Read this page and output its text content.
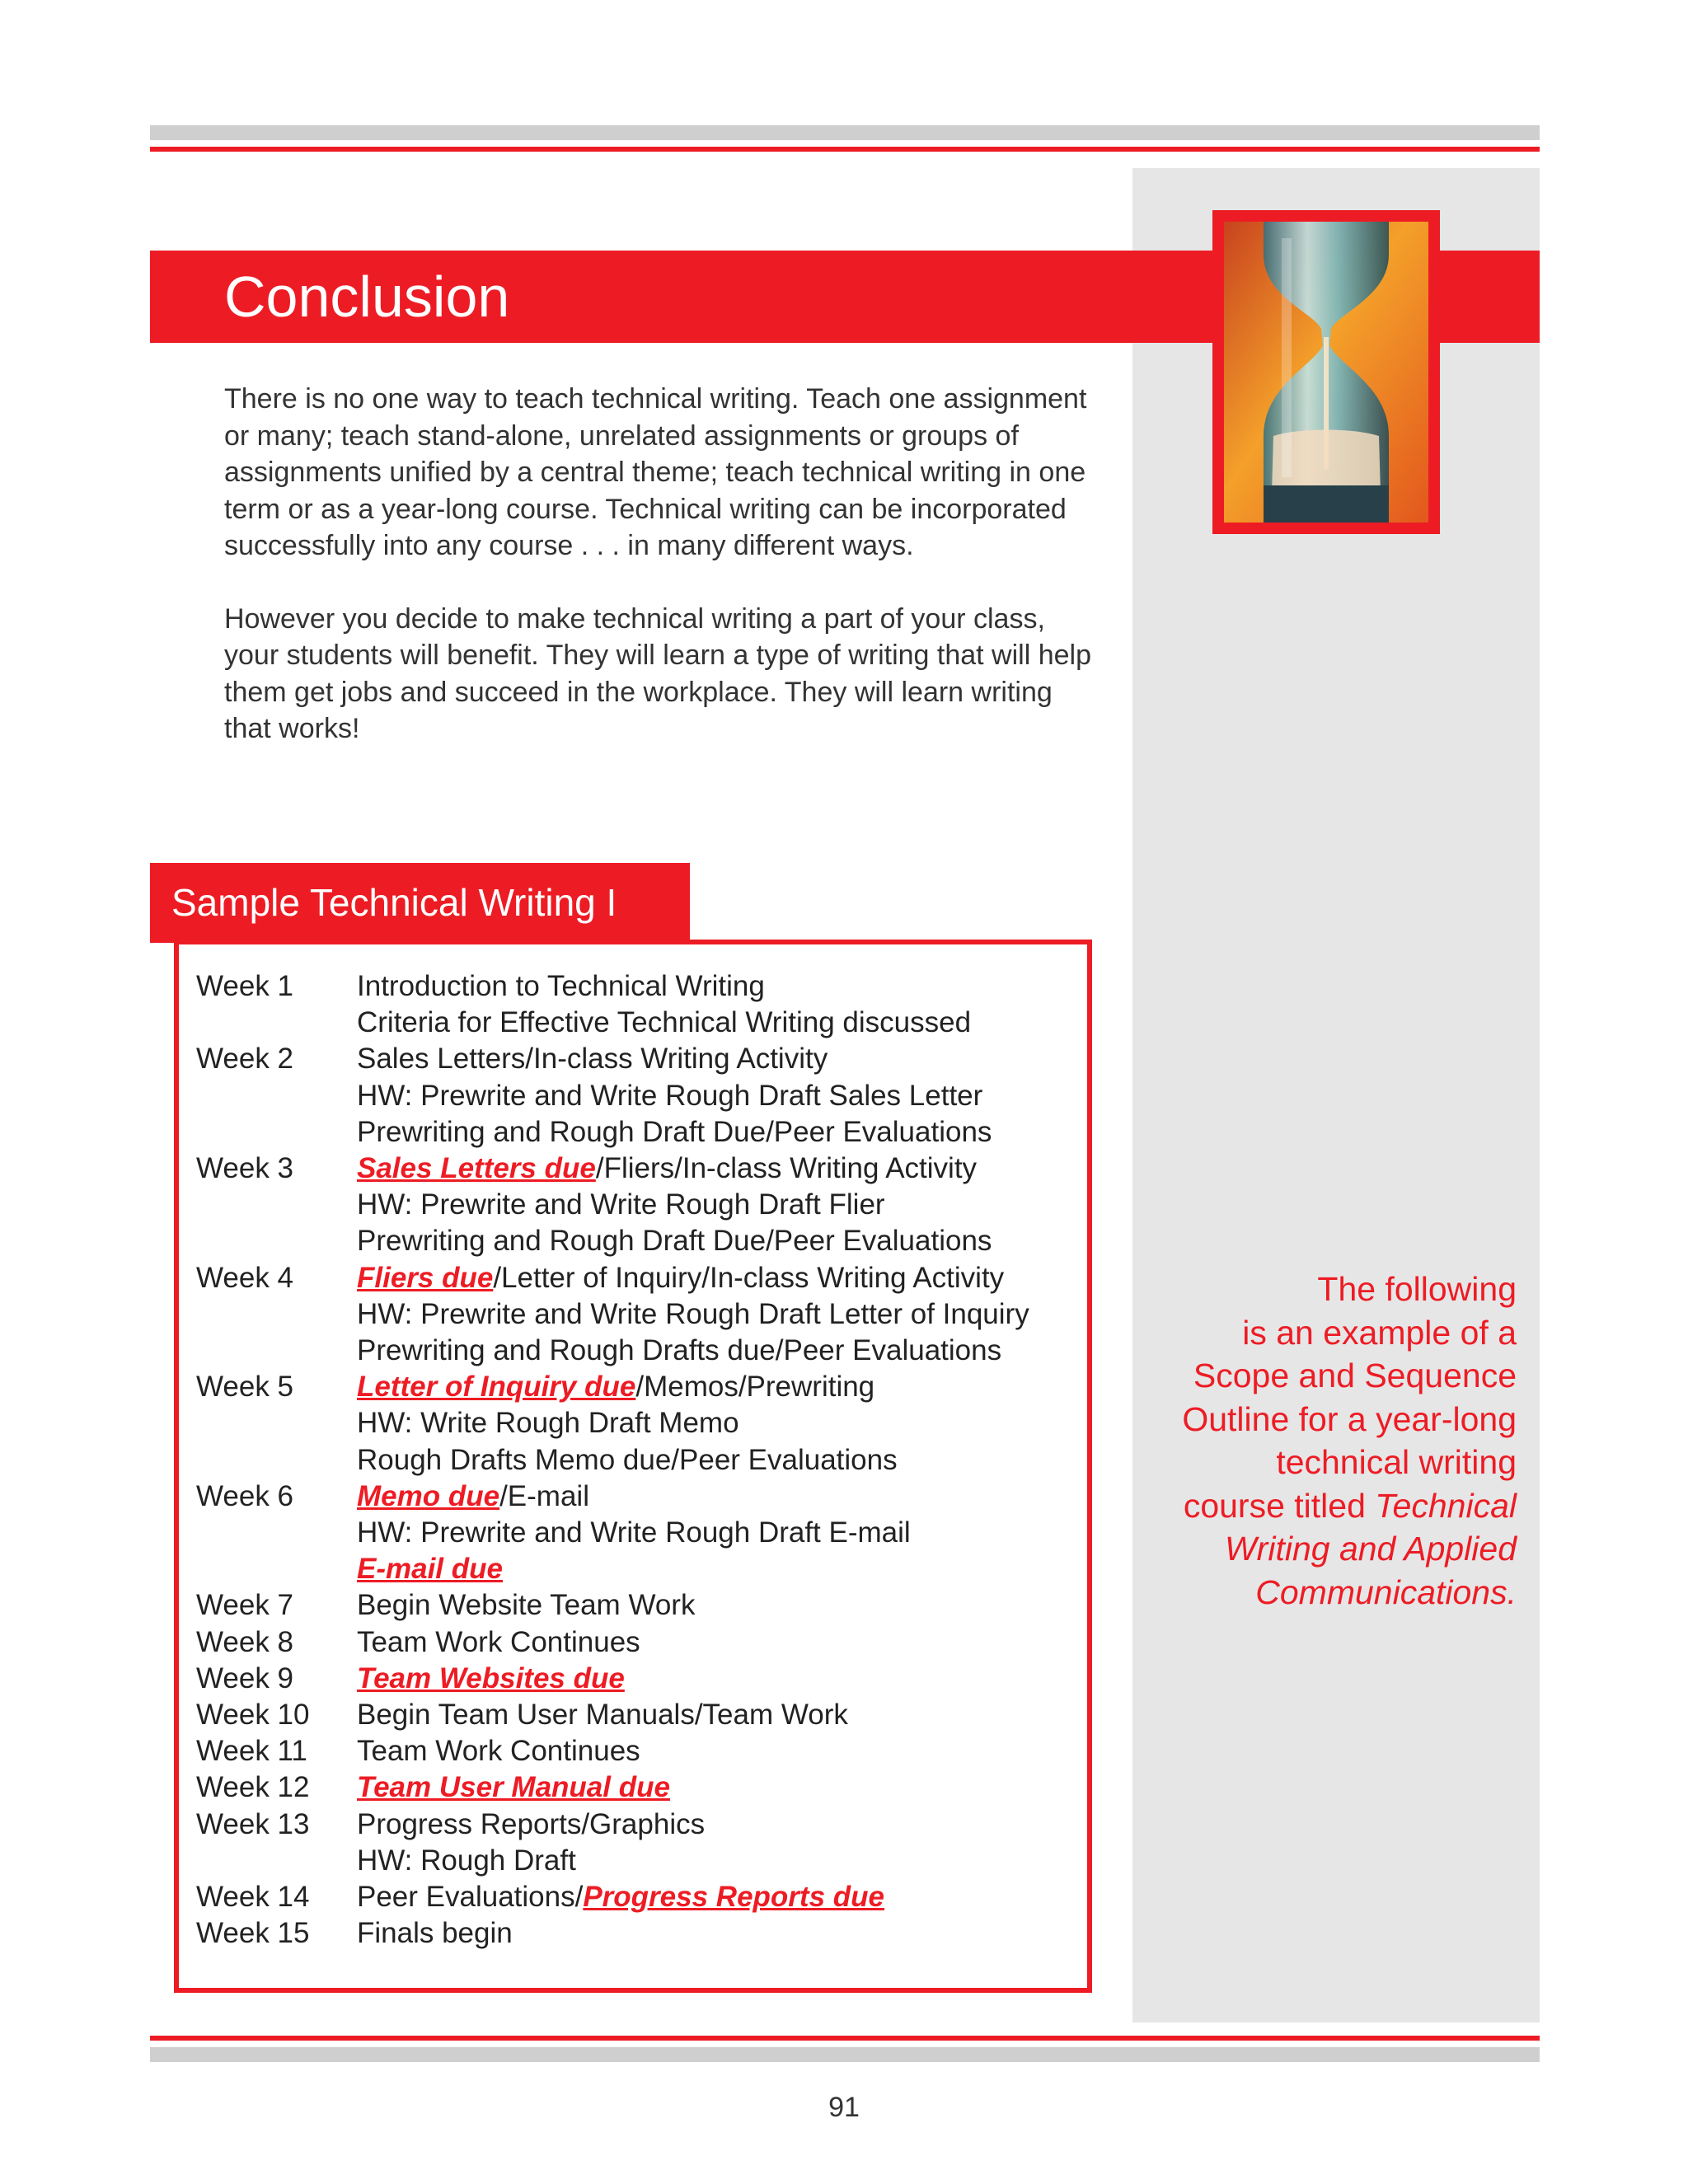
Conclusion

There is no one way to teach technical writing. Teach one assignment or many; teach stand-alone, unrelated assignments or groups of assignments unified by a central theme; teach technical writing in one term or as a year-long course. Technical writing can be incorporated successfully into any course . . . in many different ways.

However you decide to make technical writing a part of your class, your students will benefit. They will learn a type of writing that will help them get jobs and succeed in the workplace. They will learn writing that works!

Sample Technical Writing I
Week 1	Introduction to Technical Writing
Criteria for Effective Technical Writing discussed
Week 2	Sales Letters/In-class Writing Activity
HW: Prewrite and Write Rough Draft Sales Letter
Prewriting and Rough Draft Due/Peer Evaluations
Week 3	Sales Letters due/Fliers/In-class Writing Activity
HW: Prewrite and Write Rough Draft Flier
Prewriting and Rough Draft Due/Peer Evaluations
Week 4	Fliers due/Letter of Inquiry/In-class Writing Activity
HW: Prewrite and Write Rough Draft Letter of Inquiry
Prewriting and Rough Drafts due/Peer Evaluations
Week 5	Letter of Inquiry due/Memos/Prewriting
HW: Write Rough Draft Memo
Rough Drafts Memo due/Peer Evaluations
Week 6	Memo due/E-mail
HW: Prewrite and Write Rough Draft E-mail
E-mail due
Week 7	Begin Website Team Work
Week 8	Team Work Continues
Week 9	Team Websites due
Week 10	Begin Team User Manuals/Team Work
Week 11	Team Work Continues
Week 12	Team User Manual due
Week 13	Progress Reports/Graphics
HW: Rough Draft
Week 14	Peer Evaluations/Progress Reports due
Week 15	Finals begin
The following
is an example of a
Scope and Sequence
Outline for a year-long
technical writing
course titled Technical
Writing and Applied
Communications.
91
